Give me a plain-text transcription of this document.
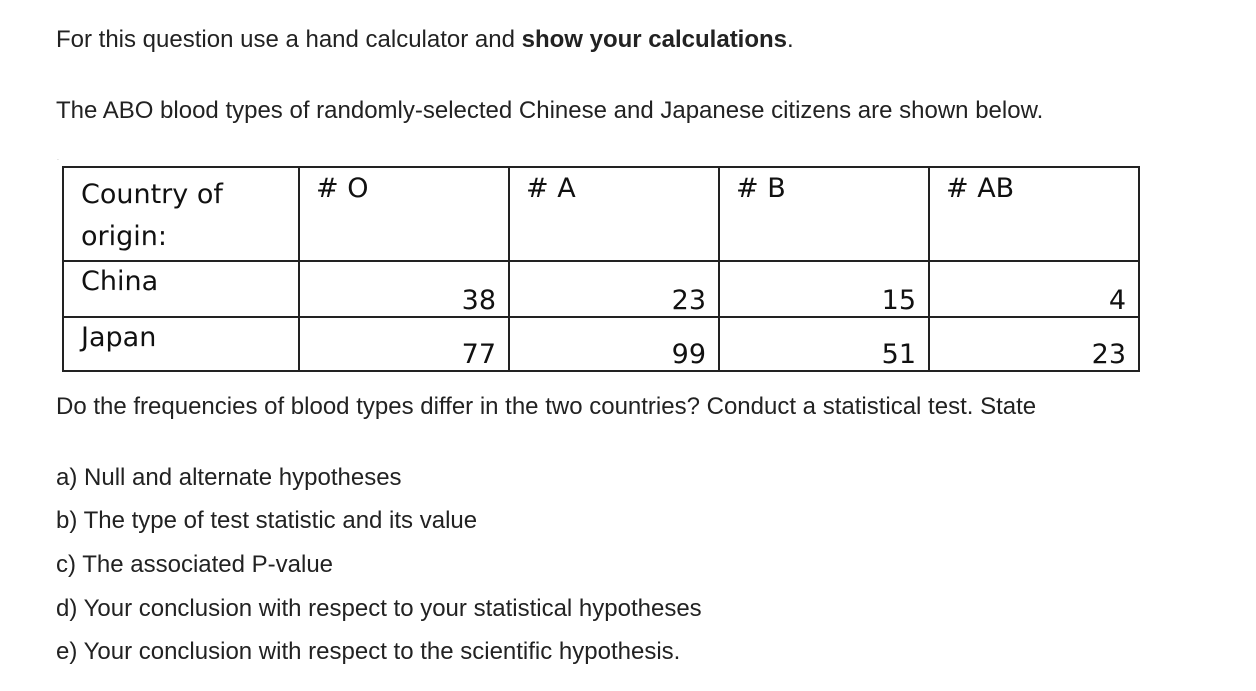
For this question use a hand calculator and show your calculations.
The ABO blood types of randomly-selected Chinese and Japanese citizens are shown below.
˙
Country of origin:	# O	# A	# B	# AB
China	38	23	15	4
Japan	77	99	51	23
Do the frequencies of blood types differ in the two countries? Conduct a statistical test. State
a) Null and alternate hypotheses
b) The type of test statistic and its value
c) The associated P-value
d) Your conclusion with respect to your statistical hypotheses
e) Your conclusion with respect to the scientific hypothesis.
